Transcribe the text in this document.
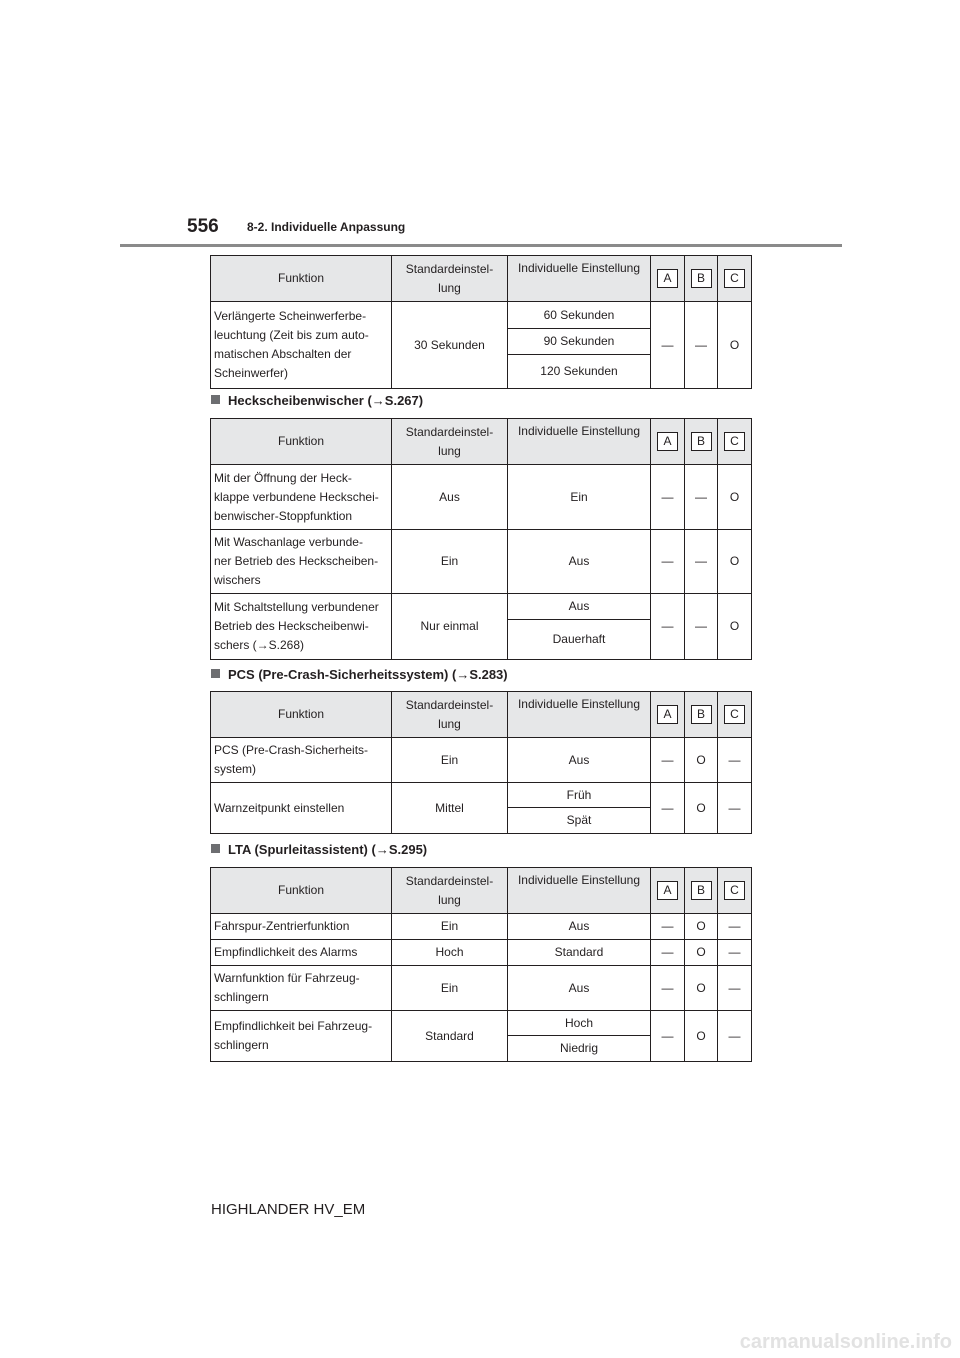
556 8-2. Individuelle Anpassung
Funktion	Standardeinstel-
lung	Individuelle Einstellung	A	B	C
Verlängerte Scheinwerferbe-
leuchtung (Zeit bis zum auto-
matischen Abschalten der
Scheinwerfer)	30 Sekunden	60 Sekunden	—	—	O
		90 Sekunden			
		120 Sekunden			
Heckscheibenwischer (→S.267)
Funktion	Standardeinstel-
lung	Individuelle Einstellung	A	B	C
Mit der Öffnung der Heck-
klappe verbundene Heckschei-
benwischer-Stoppfunktion	Aus	Ein	—	—	O
Mit Waschanlage verbunde-
ner Betrieb des Heckscheiben-
wischers	Ein	Aus	—	—	O
Mit Schaltstellung verbundener
Betrieb des Heckscheibenwi-
schers (→S.268)	Nur einmal	Aus	—	—	O
		Dauerhaft			
PCS (Pre-Crash-Sicherheitssystem) (→S.283)
Funktion	Standardeinstel-
lung	Individuelle Einstellung	A	B	C
PCS (Pre-Crash-Sicherheits-
system)	Ein	Aus	—	O	—
Warnzeitpunkt einstellen	Mittel	Früh	—	O	—
		Spät			
LTA (Spurleitassistent) (→S.295)
Funktion	Standardeinstel-
lung	Individuelle Einstellung	A	B	C
Fahrspur-Zentrierfunktion	Ein	Aus	—	O	—
Empfindlichkeit des Alarms	Hoch	Standard	—	O	—
Warnfunktion für Fahrzeug-
schlingern	Ein	Aus	—	O	—
Empfindlichkeit bei Fahrzeug-
schlingern	Standard	Hoch	—	O	—
		Niedrig			
HIGHLANDER HV_EM
carmanualsonline.info
